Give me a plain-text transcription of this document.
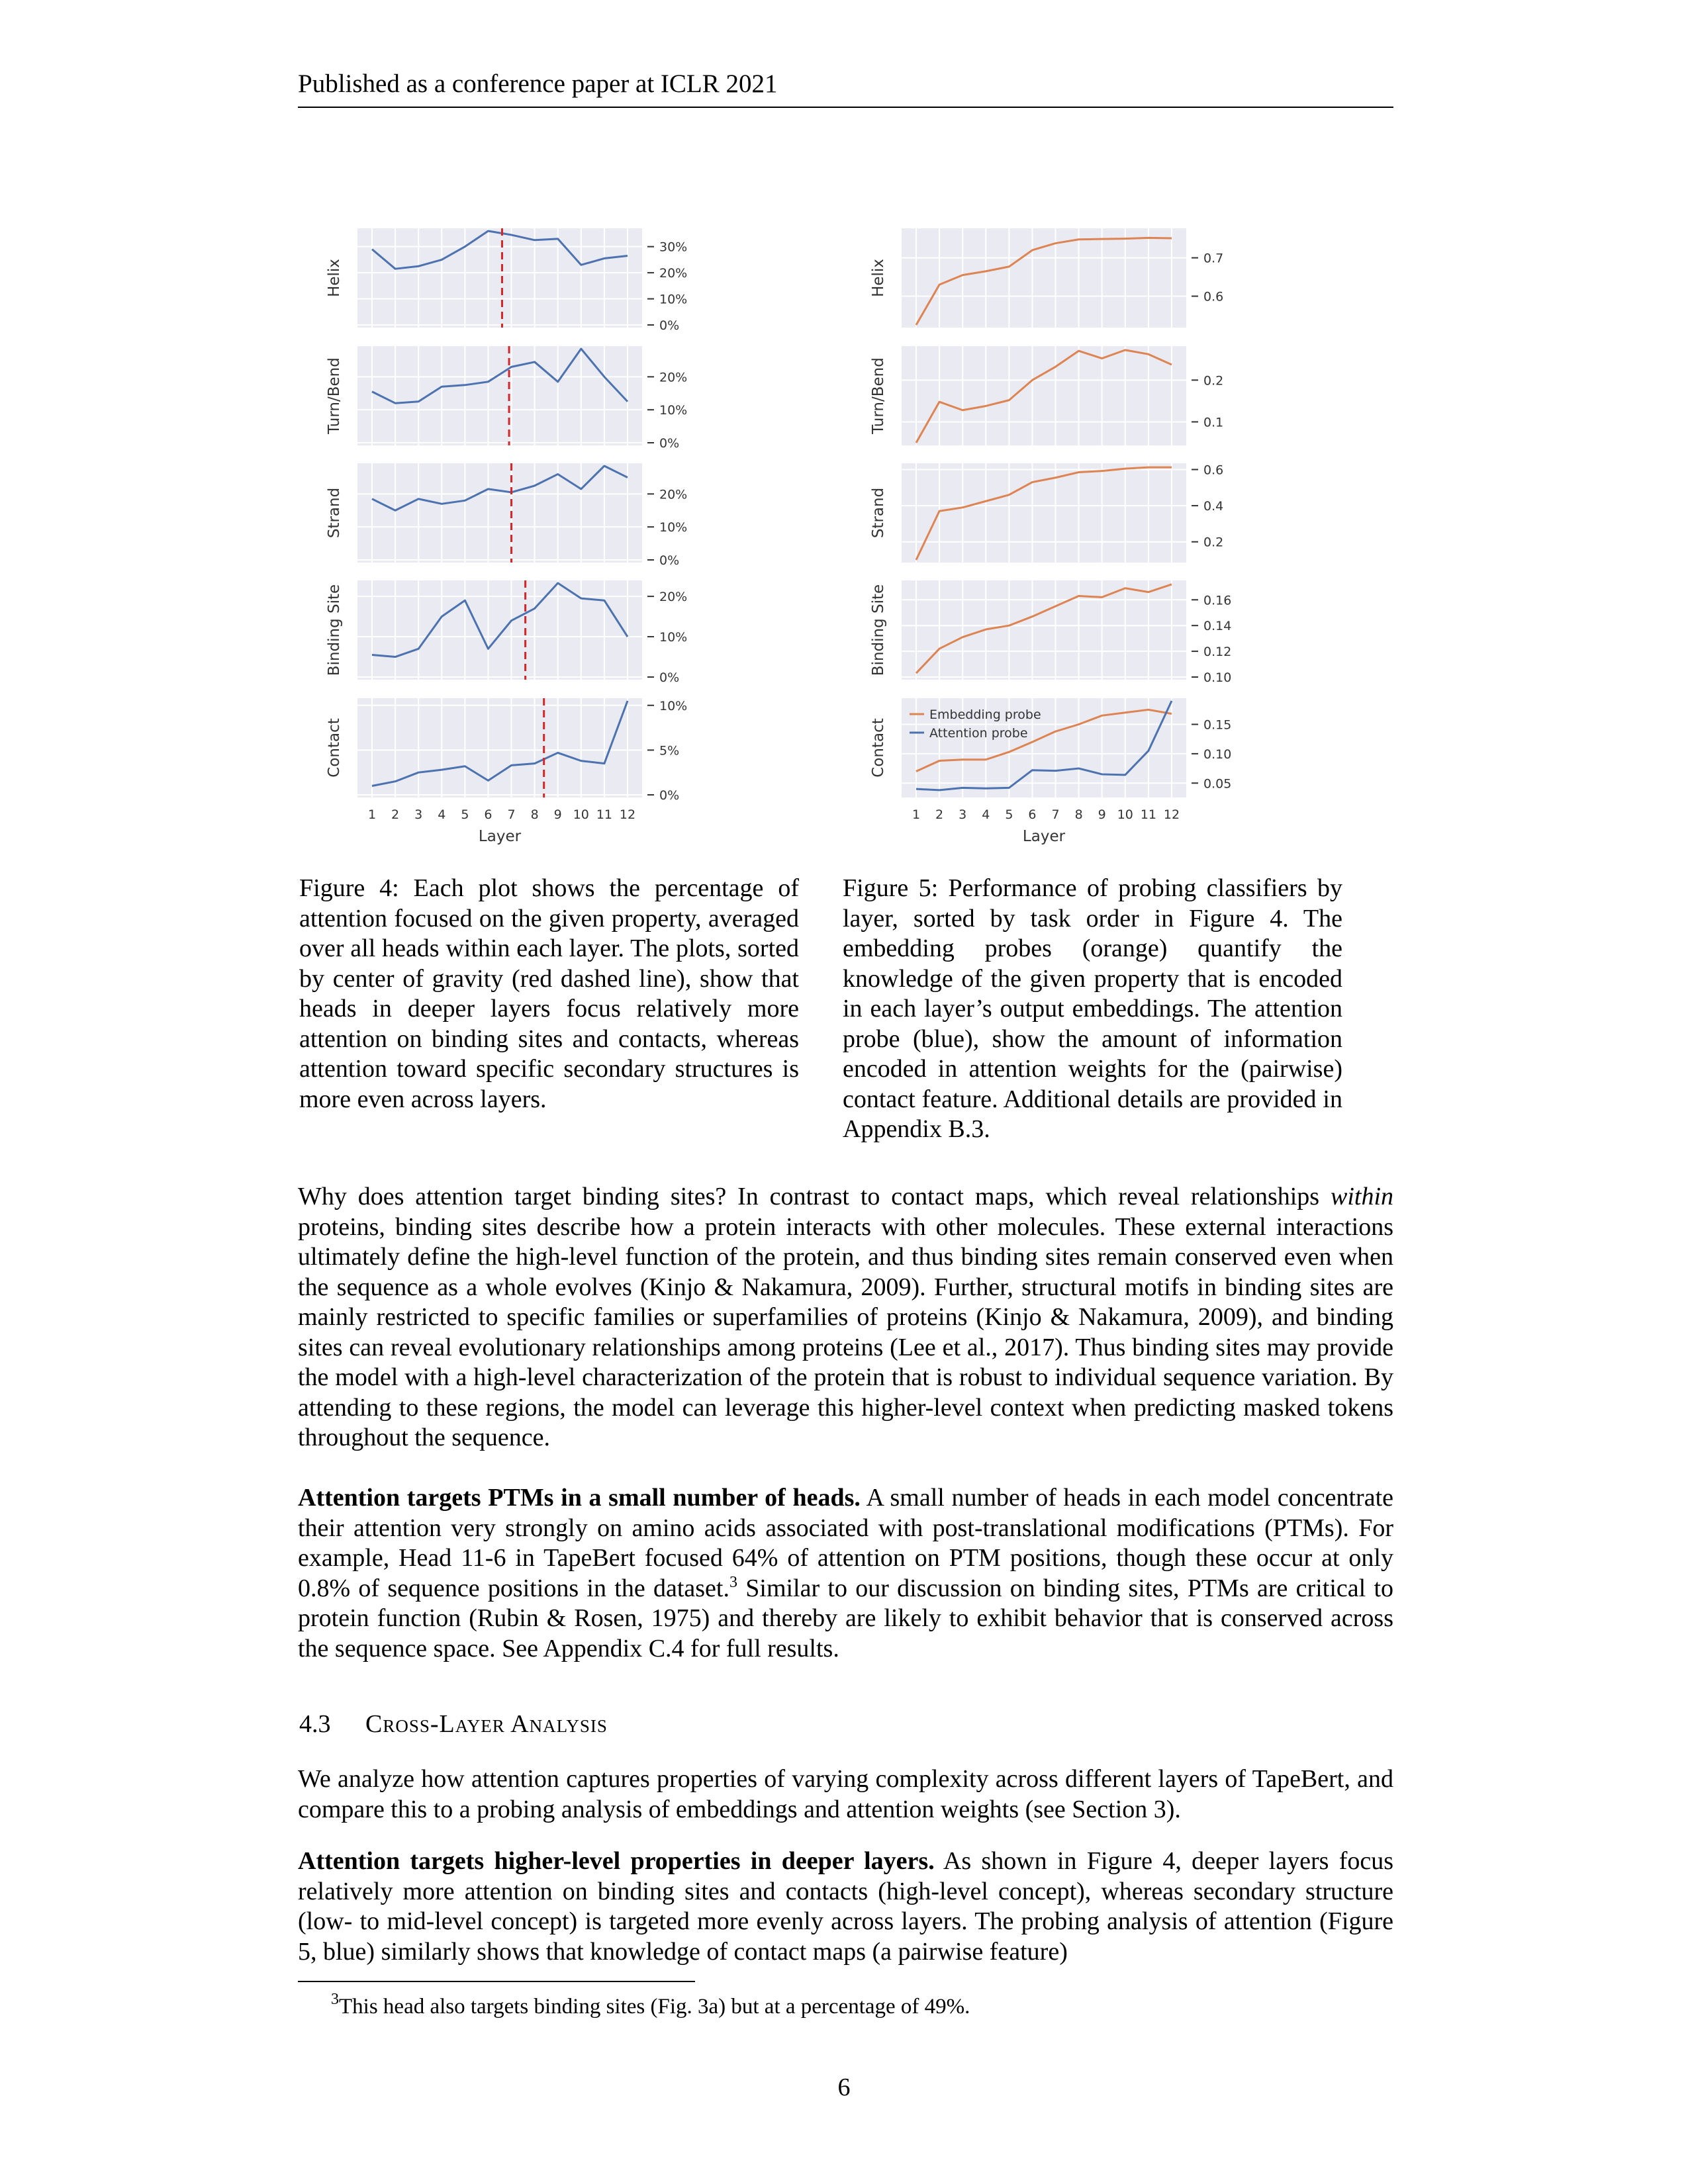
Published as a conference paper at ICLR 2021
0%
10%
20%
30%
Helix
0%
10%
20%
Turn/Bend
0%
10%
20%
Strand
0%
10%
20%
Binding Site
0%
5%
10%
Contact
1 2 3 4 5 6 7 8 9 10 11 12
Layer
0.6
0.7
Helix
0.1
0.2
Turn/Bend
0.2
0.4
0.6
Strand
0.10
0.12
0.14
0.16
Binding Site
0.05
0.10
0.15
Contact
Embedding probe
Attention probe
1 2 3 4 5 6 7 8 9 10 11 12
Layer
Figure 4: Each plot shows the percentage of attention focused on the given property, averaged over all heads within each layer. The plots, sorted by center of gravity (red dashed line), show that heads in deeper layers focus relatively more attention on binding sites and contacts, whereas attention toward specific secondary structures is more even across layers.
Figure 5: Performance of probing classifiers by layer, sorted by task order in Figure 4. The embedding probes (orange) quantify the knowledge of the given property that is encoded in each layer’s output embeddings. The attention probe (blue), show the amount of information encoded in attention weights for the (pairwise) contact feature. Additional details are provided in Appendix B.3.

Why does attention target binding sites? In contrast to contact maps, which reveal relationships within proteins, binding sites describe how a protein interacts with other molecules. These external interactions ultimately define the high-level function of the protein, and thus binding sites remain conserved even when the sequence as a whole evolves (Kinjo & Nakamura, 2009). Further, structural motifs in binding sites are mainly restricted to specific families or superfamilies of proteins (Kinjo & Nakamura, 2009), and binding sites can reveal evolutionary relationships among proteins (Lee et al., 2017). Thus binding sites may provide the model with a high-level characterization of the protein that is robust to individual sequence variation. By attending to these regions, the model can leverage this higher-level context when predicting masked tokens throughout the sequence.

Attention targets PTMs in a small number of heads. A small number of heads in each model concentrate their attention very strongly on amino acids associated with post-translational modifications (PTMs). For example, Head 11-6 in TapeBert focused 64% of attention on PTM positions, though these occur at only 0.8% of sequence positions in the dataset.$^3$ Similar to our discussion on binding sites, PTMs are critical to protein function (Rubin & Rosen, 1975) and thereby are likely to exhibit behavior that is conserved across the sequence space. See Appendix C.4 for full results.

4.3 Cross-Layer Analysis

We analyze how attention captures properties of varying complexity across different layers of TapeBert, and compare this to a probing analysis of embeddings and attention weights (see Section 3).

Attention targets higher-level properties in deeper layers. As shown in Figure 4, deeper layers focus relatively more attention on binding sites and contacts (high-level concept), whereas secondary structure (low- to mid-level concept) is targeted more evenly across layers. The probing analysis of attention (Figure 5, blue) similarly shows that knowledge of contact maps (a pairwise feature)

$^3$This head also targets binding sites (Fig. 3a) but at a percentage of 49%.
6
